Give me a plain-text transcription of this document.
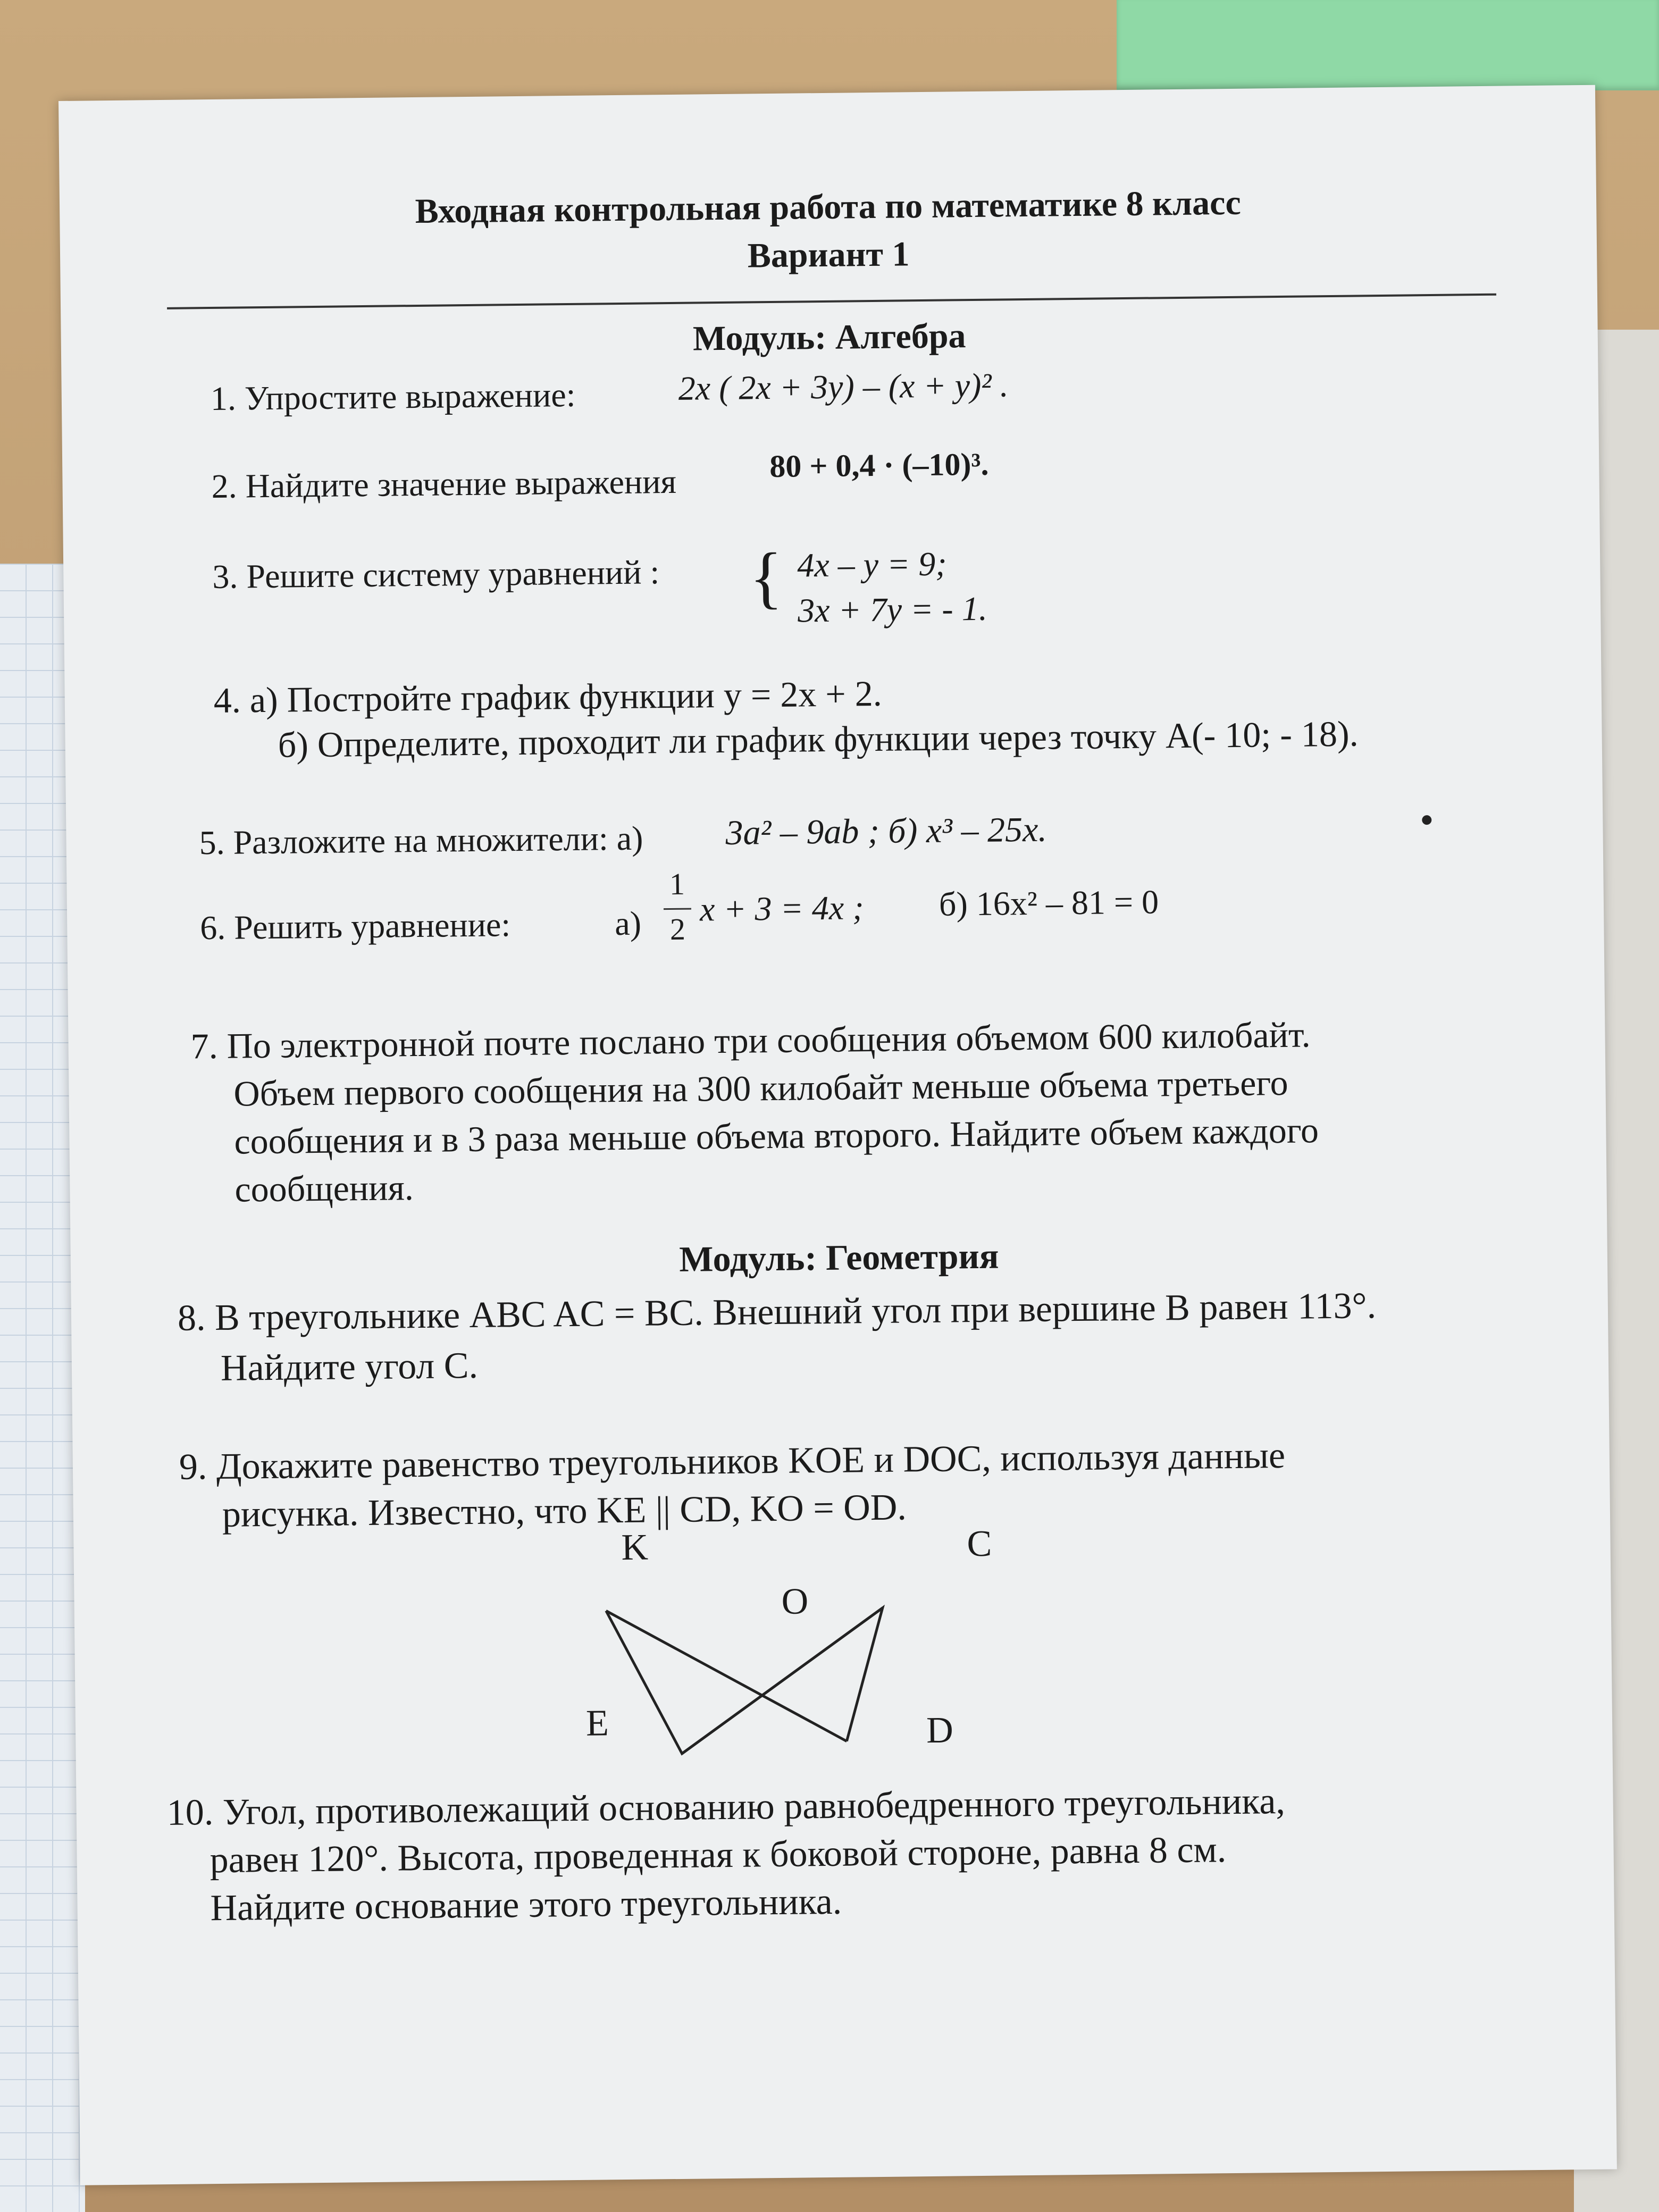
Входная контрольная работа по математике 8 класс
Вариант 1
Модуль: Алгебра
1. Упростите выражение:	2x ( 2x + 3y) – (x + y)² .
2. Найдите значение выражения	80 + 0,4 · (–10)³.
3. Решите систему уравнений : { 4x – y = 9;
3x + 7y = - 1.
4. а) Постройте график функции y = 2x + 2.
б) Определите, проходит ли график функции через точку A(- 10; - 18).
5. Разложите на множители: а) 3a² – 9ab ; б) x³ – 25x.
6. Решить уравнение:	а)
1
2
x + 3 = 4x ; б) 16x² – 81 = 0
7. По электронной почте послано три сообщения объемом 600 килобайт.
Объем первого сообщения на 300 килобайт меньше объема третьего
сообщения и в 3 раза меньше объема второго. Найдите объем каждого
сообщения.
Модуль: Геометрия
8. В треугольнике ABC AC = BC. Внешний угол при вершине B равен 113°.
Найдите угол C.
9. Докажите равенство треугольников KOE и DOC, используя данные
рисунка. Известно, что KE || CD, KO = OD.
K	C
O
E	D
10. Угол, противолежащий основанию равнобедренного треугольника,
равен 120°. Высота, проведенная к боковой стороне, равна 8 см.
Найдите основание этого треугольника.
